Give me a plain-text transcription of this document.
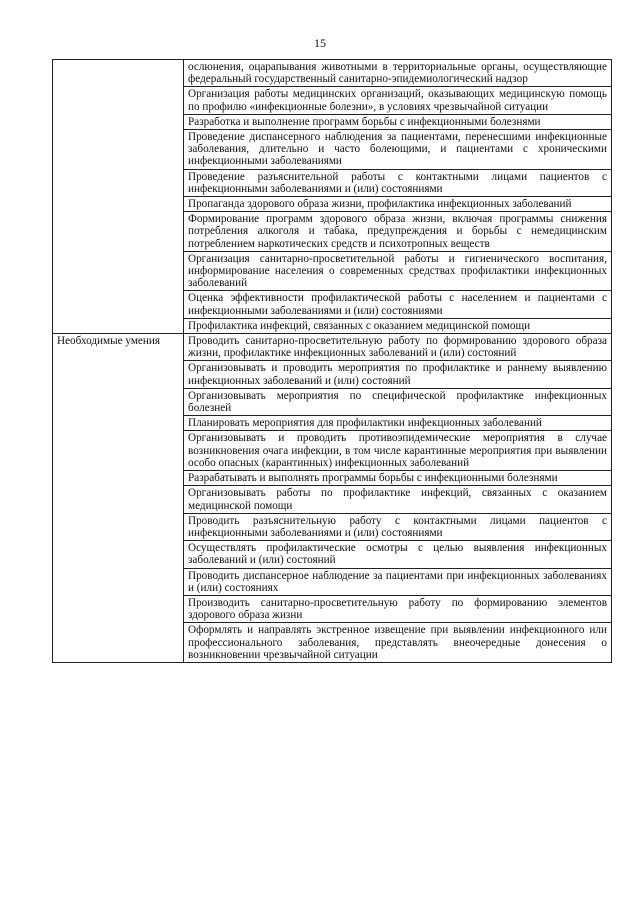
15

	ослюнения, оцарапывания животными в территориальные органы, осуществляющие федеральный государственный санитарно-эпидемиологический надзор

	Организация работы медицинских организаций, оказывающих медицинскую помощь по профилю «инфекционные болезни», в условиях чрезвычайной ситуации

	Разработка и выполнение программ борьбы с инфекционными болезнями

	Проведение диспансерного наблюдения за пациентами, перенесшими инфекционные заболевания, длительно и часто болеющими, и пациентами с хроническими инфекционными заболеваниями

	Проведение разъяснительной работы с контактными лицами пациентов с инфекционными заболеваниями и (или) состояниями

	Пропаганда здорового образа жизни, профилактика инфекционных заболеваний

	Формирование программ здорового образа жизни, включая программы снижения потребления алкоголя и табака, предупреждения и борьбы с немедицинским потреблением наркотических средств и психотропных веществ

	Организация санитарно-просветительной работы и гигиенического воспитания, информирование населения о современных средствах профилактики инфекционных заболеваний

	Оценка эффективности профилактической работы с населением и пациентами с инфекционными заболеваниями и (или) состояниями

	Профилактика инфекций, связанных с оказанием медицинской помощи

Необходимые умения	Проводить санитарно-просветительную работу по формированию здорового образа жизни, профилактике инфекционных заболеваний и (или) состояний

	Организовывать и проводить мероприятия по профилактике и раннему выявлению инфекционных заболеваний и (или) состояний

	Организовывать мероприятия по специфической профилактике инфекционных болезней

	Планировать мероприятия для профилактики инфекционных заболеваний

	Организовывать и проводить противоэпидемические мероприятия в случае возникновения очага инфекции, в том числе карантинные мероприятия при выявлении особо опасных (карантинных) инфекционных заболеваний

	Разрабатывать и выполнять программы борьбы с инфекционными болезнями

	Организовывать работы по профилактике инфекций, связанных с оказанием медицинской помощи

	Проводить разъяснительную работу с контактными лицами пациентов с инфекционными заболеваниями и (или) состояниями

	Осуществлять профилактические осмотры с целью выявления инфекционных заболеваний и (или) состояний

	Проводить диспансерное наблюдение за пациентами при инфекционных заболеваниях и (или) состояниях

	Производить санитарно-просветительную работу по формированию элементов здорового образа жизни

	Оформлять и направлять экстренное извещение при выявлении инфекционного или профессионального заболевания, представлять внеочередные донесения о возникновении чрезвычайной ситуации
